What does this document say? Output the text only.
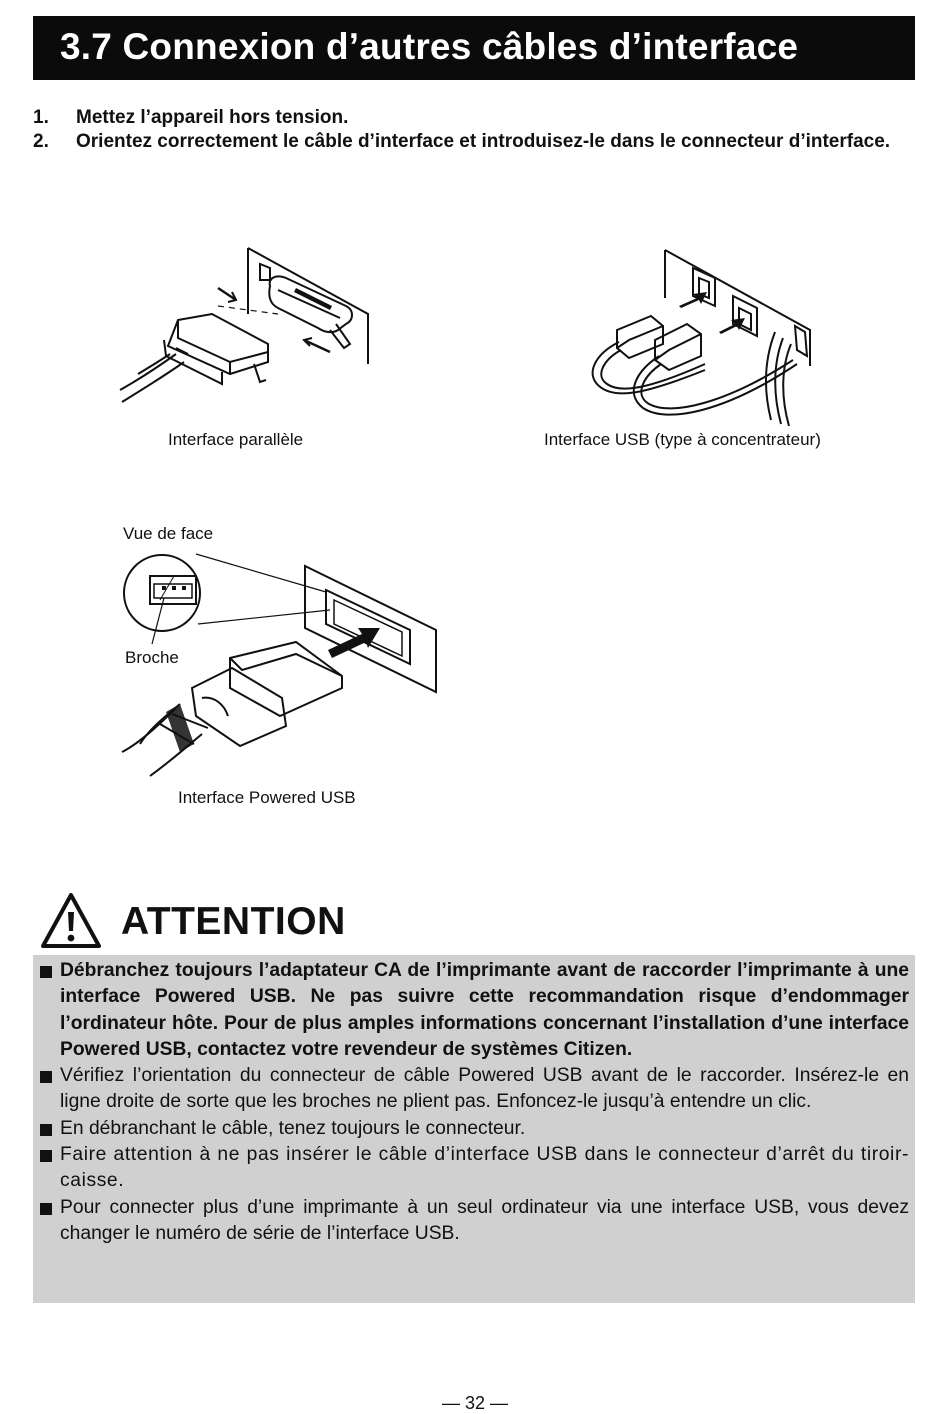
3.7 Connexion d’autres câbles d’interface
1. Mettez l’appareil hors tension.
2. Orientez correctement le câble d’interface et introduisez-le dans le connecteur d’interface.
Interface parallèle	Interface USB (type à concentrateur)
Vue de face
Broche
Interface Powered USB
ATTENTION
Débranchez toujours l’adaptateur CA de l’imprimante avant de raccorder l’imprimante à une interface Powered USB. Ne pas suivre cette recommandation risque d’endommager l’ordinateur hôte. Pour de plus amples informations concernant l’installation d’une interface Powered USB, contactez votre revendeur de systèmes Citizen.
Vérifiez l’orientation du connecteur de câble Powered USB avant de le raccorder. Insérez-le en ligne droite de sorte que les broches ne plient pas. Enfoncez-le jusqu’à entendre un clic.
En débranchant le câble, tenez toujours le connecteur.
Faire attention à ne pas insérer le câble d’interface USB dans le connecteur d’arrêt du tiroir-caisse.
Pour connecter plus d’une imprimante à un seul ordinateur via une interface USB, vous devez changer le numéro de série de l’interface USB.
— 32 —
